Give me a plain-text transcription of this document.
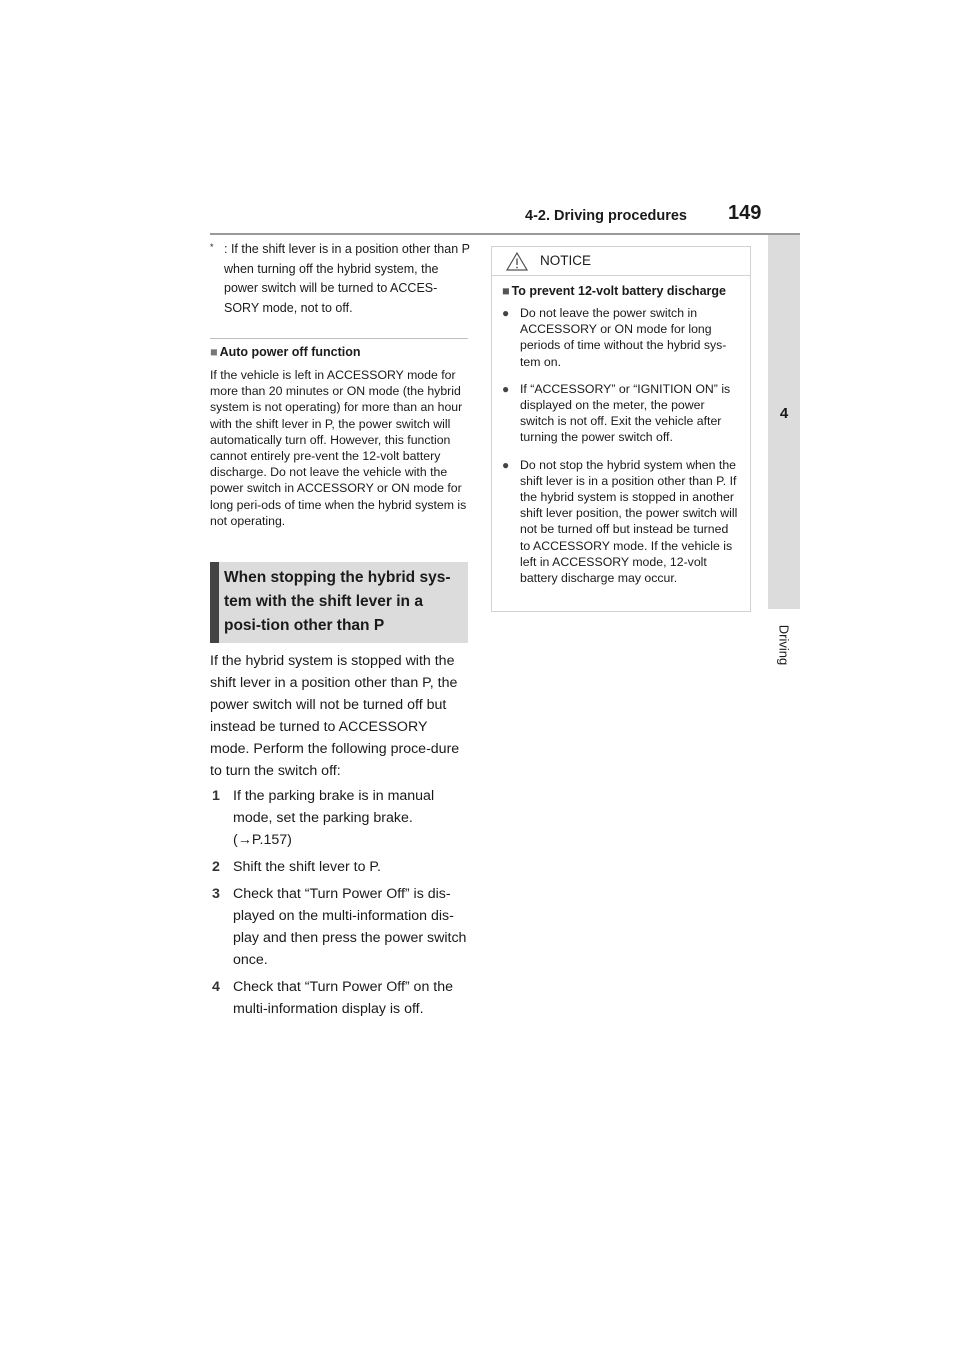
4-2. Driving procedures 149
4
Driving
* : If the shift lever is in a position other than P when turning off the hybrid system, the power switch will be turned to ACCES-SORY mode, not to off.
■ Auto power off function
If the vehicle is left in ACCESSORY mode for more than 20 minutes or ON mode (the hybrid system is not operating) for more than an hour with the shift lever in P, the power switch will automatically turn off. However, this function cannot entirely pre-vent the 12-volt battery discharge. Do not leave the vehicle with the power switch in ACCESSORY or ON mode for long peri-ods of time when the hybrid system is not operating.
When stopping the hybrid sys-tem with the shift lever in a posi-tion other than P
If the hybrid system is stopped with the shift lever in a position other than P, the power switch will not be turned off but instead be turned to ACCESSORY mode. Perform the following proce-dure to turn the switch off:
1 If the parking brake is in manual mode, set the parking brake. (→P.157)
2 Shift the shift lever to P.
3 Check that “Turn Power Off” is dis-played on the multi-information dis-play and then press the power switch once.
4 Check that “Turn Power Off” on the multi-information display is off.
NOTICE
■ To prevent 12-volt battery discharge
● Do not leave the power switch in ACCESSORY or ON mode for long periods of time without the hybrid sys-tem on.
● If “ACCESSORY” or “IGNITION ON” is displayed on the meter, the power switch is not off. Exit the vehicle after turning the power switch off.
● Do not stop the hybrid system when the shift lever is in a position other than P. If the hybrid system is stopped in another shift lever position, the power switch will not be turned off but instead be turned to ACCESSORY mode. If the vehicle is left in ACCESSORY mode, 12-volt battery discharge may occur.
